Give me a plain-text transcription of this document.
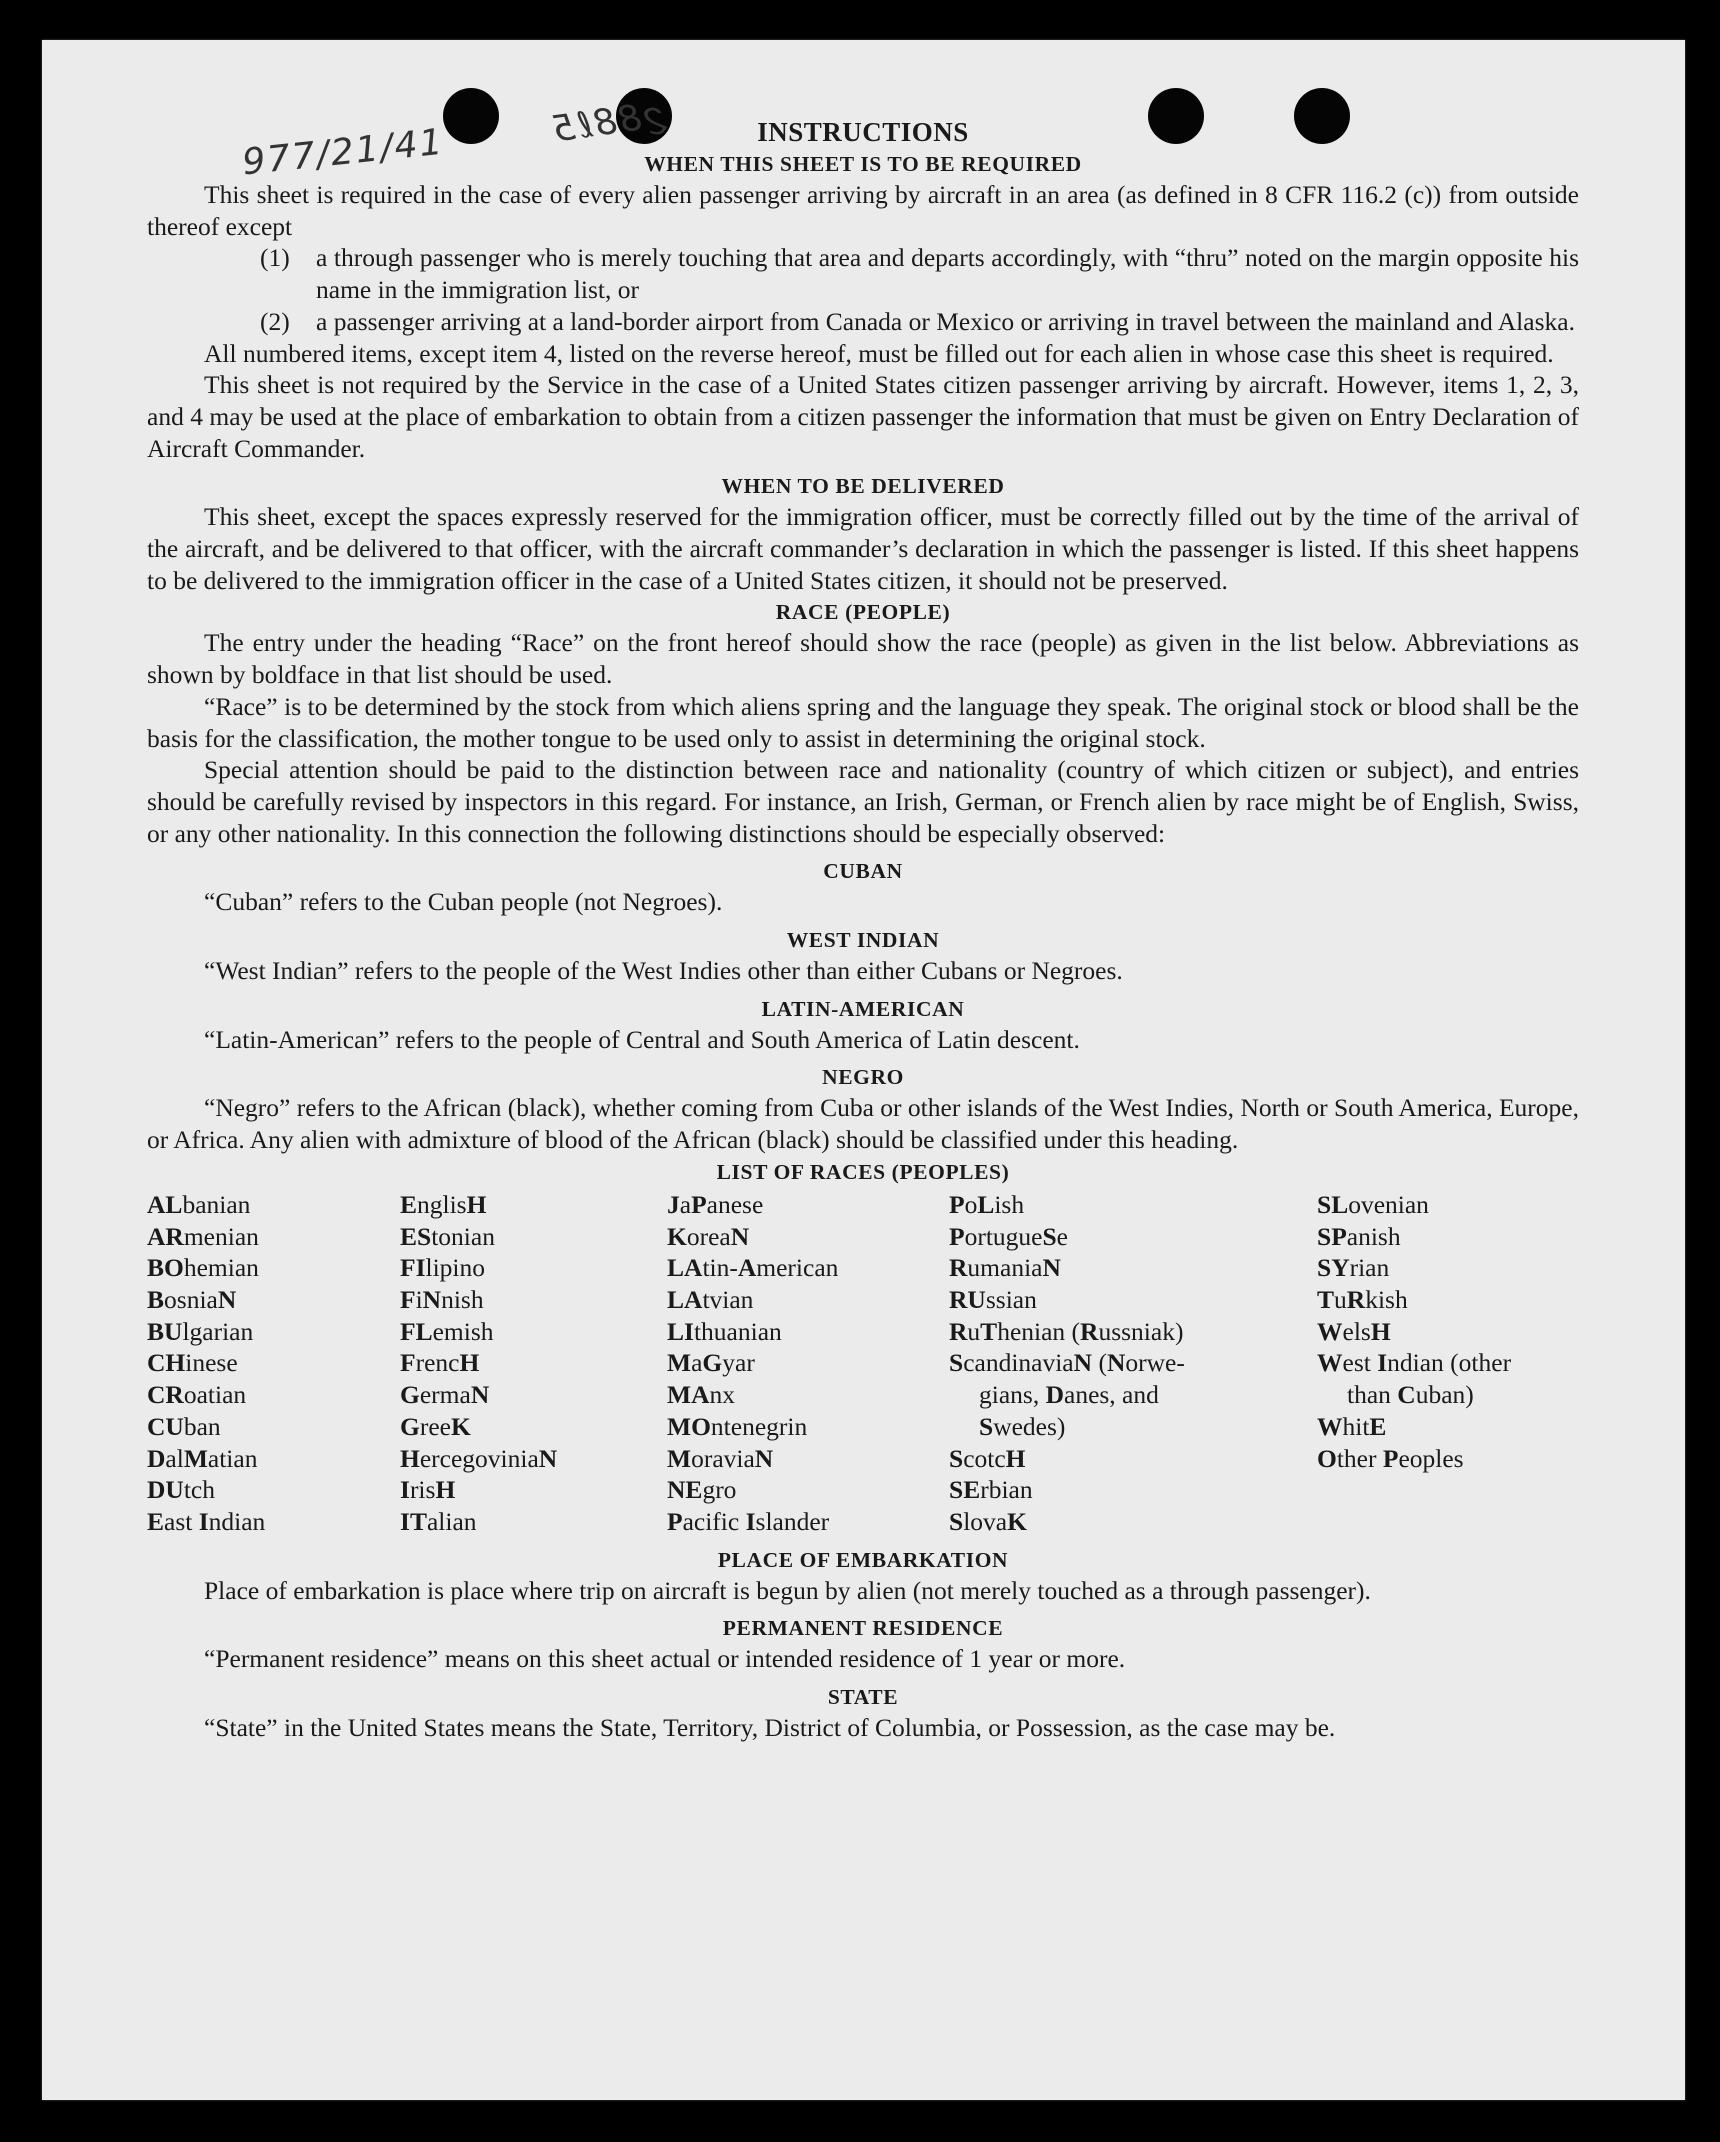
977/21/41	ϩ88ℓ5	INSTRUCTIONS
WHEN THIS SHEET IS TO BE REQUIRED

This sheet is required in the case of every alien passenger arriving by aircraft in an area (as defined in 8 CFR 116.2 (c)) from outside thereof except

(1)	a through passenger who is merely touching that area and departs accordingly, with “thru” noted on the margin opposite his name in the immigration list, or
(2)	a passenger arriving at a land-border airport from Canada or Mexico or arriving in travel between the mainland and Alaska.

All numbered items, except item 4, listed on the reverse hereof, must be filled out for each alien in whose case this sheet is required.

This sheet is not required by the Service in the case of a United States citizen passenger arriving by aircraft. However, items 1, 2, 3, and 4 may be used at the place of embarkation to obtain from a citizen passenger the information that must be given on Entry Declaration of Aircraft Commander.

WHEN TO BE DELIVERED

This sheet, except the spaces expressly reserved for the immigration officer, must be correctly filled out by the time of the arrival of the aircraft, and be delivered to that officer, with the aircraft commander’s declaration in which the passenger is listed. If this sheet happens to be delivered to the immigration officer in the case of a United States citizen, it should not be preserved.

RACE (PEOPLE)

The entry under the heading “Race” on the front hereof should show the race (people) as given in the list below. Abbreviations as shown by boldface in that list should be used.

“Race” is to be determined by the stock from which aliens spring and the language they speak. The original stock or blood shall be the basis for the classification, the mother tongue to be used only to assist in determining the original stock.

Special attention should be paid to the distinction between race and nationality (country of which citizen or subject), and entries should be carefully revised by inspectors in this regard. For instance, an Irish, German, or French alien by race might be of English, Swiss, or any other nationality. In this connection the following distinctions should be especially observed:

CUBAN

“Cuban” refers to the Cuban people (not Negroes).

WEST INDIAN

“West Indian” refers to the people of the West Indies other than either Cubans or Negroes.

LATIN-AMERICAN

“Latin-American” refers to the people of Central and South America of Latin descent.

NEGRO

“Negro” refers to the African (black), whether coming from Cuba or other islands of the West Indies, North or South America, Europe, or Africa. Any alien with admixture of blood of the African (black) should be classified under this heading.

LIST OF RACES (PEOPLES)
ALbanian
ARmenian
BOhemian
BosniaN
BUlgarian
CHinese
CRoatian
CUban
DalMatian
DUtch
East Indian
EnglisH
EStonian
FIlipino
FiNnish
FLemish
FrencH
GermaN
GreeK
HercegoviniaN
IrisH
ITalian
JaPanese
KoreaN
LAtin-American
LAtvian
LIthuanian
MaGyar
MAnx
MOntenegrin
MoraviaN
NEgro
Pacific Islander
PoLish
PortugueSe
RumaniaN
RUssian
RuThenian (Russniak)
ScandinaviaN (Norwe-
gians, Danes, and
Swedes)
ScotcH
SErbian
SlovaK
SLovenian
SPanish
SYrian
TuRkish
WelsH
West Indian (other
than Cuban)
WhitE
Other Peoples
PLACE OF EMBARKATION

Place of embarkation is place where trip on aircraft is begun by alien (not merely touched as a through passenger).

PERMANENT RESIDENCE

“Permanent residence” means on this sheet actual or intended residence of 1 year or more.

STATE

“State” in the United States means the State, Territory, District of Columbia, or Possession, as the case may be.
